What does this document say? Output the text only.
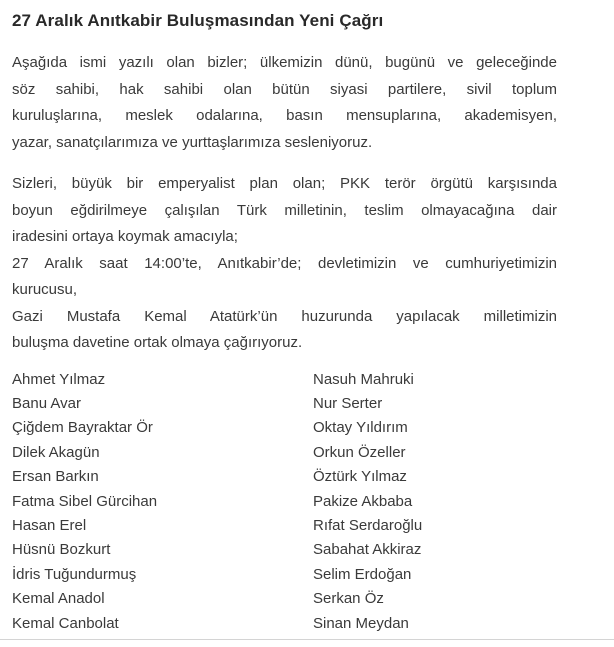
27 Aralık Anıtkabir Buluşmasından Yeni Çağrı
Aşağıda ismi yazılı olan bizler; ülkemizin dünü, bugünü ve geleceğinde
söz sahibi, hak sahibi olan bütün siyasi partilere, sivil toplum
kuruluşlarına, meslek odalarına, basın mensuplarına, akademisyen,
yazar, sanatçılarımıza ve yurttaşlarımıza sesleniyoruz.
Sizleri, büyük bir emperyalist plan olan; PKK terör örgütü karşısında
boyun eğdirilmeye çalışılan Türk milletinin, teslim olmayacağına dair
iradesini ortaya koymak amacıyla;
27 Aralık saat 14:00’te, Anıtkabir’de; devletimizin ve cumhuriyetimizin
kurucusu,
Gazi Mustafa Kemal Atatürk’ün huzurunda yapılacak milletimizin
buluşma davetine ortak olmaya çağırıyoruz.
Ahmet Yılmaz
Banu Avar
Çiğdem Bayraktar Ör
Dilek Akagün
Ersan Barkın
Fatma Sibel Gürcihan
Hasan Erel
Hüsnü Bozkurt
İdris Tuğundurmuş
Kemal Anadol
Kemal Canbolat
Nasuh Mahruki
Nur Serter
Oktay Yıldırım
Orkun Özeller
Öztürk Yılmaz
Pakize Akbaba
Rıfat Serdaroğlu
Sabahat Akkiraz
Selim Erdoğan
Serkan Öz
Sinan Meydan
